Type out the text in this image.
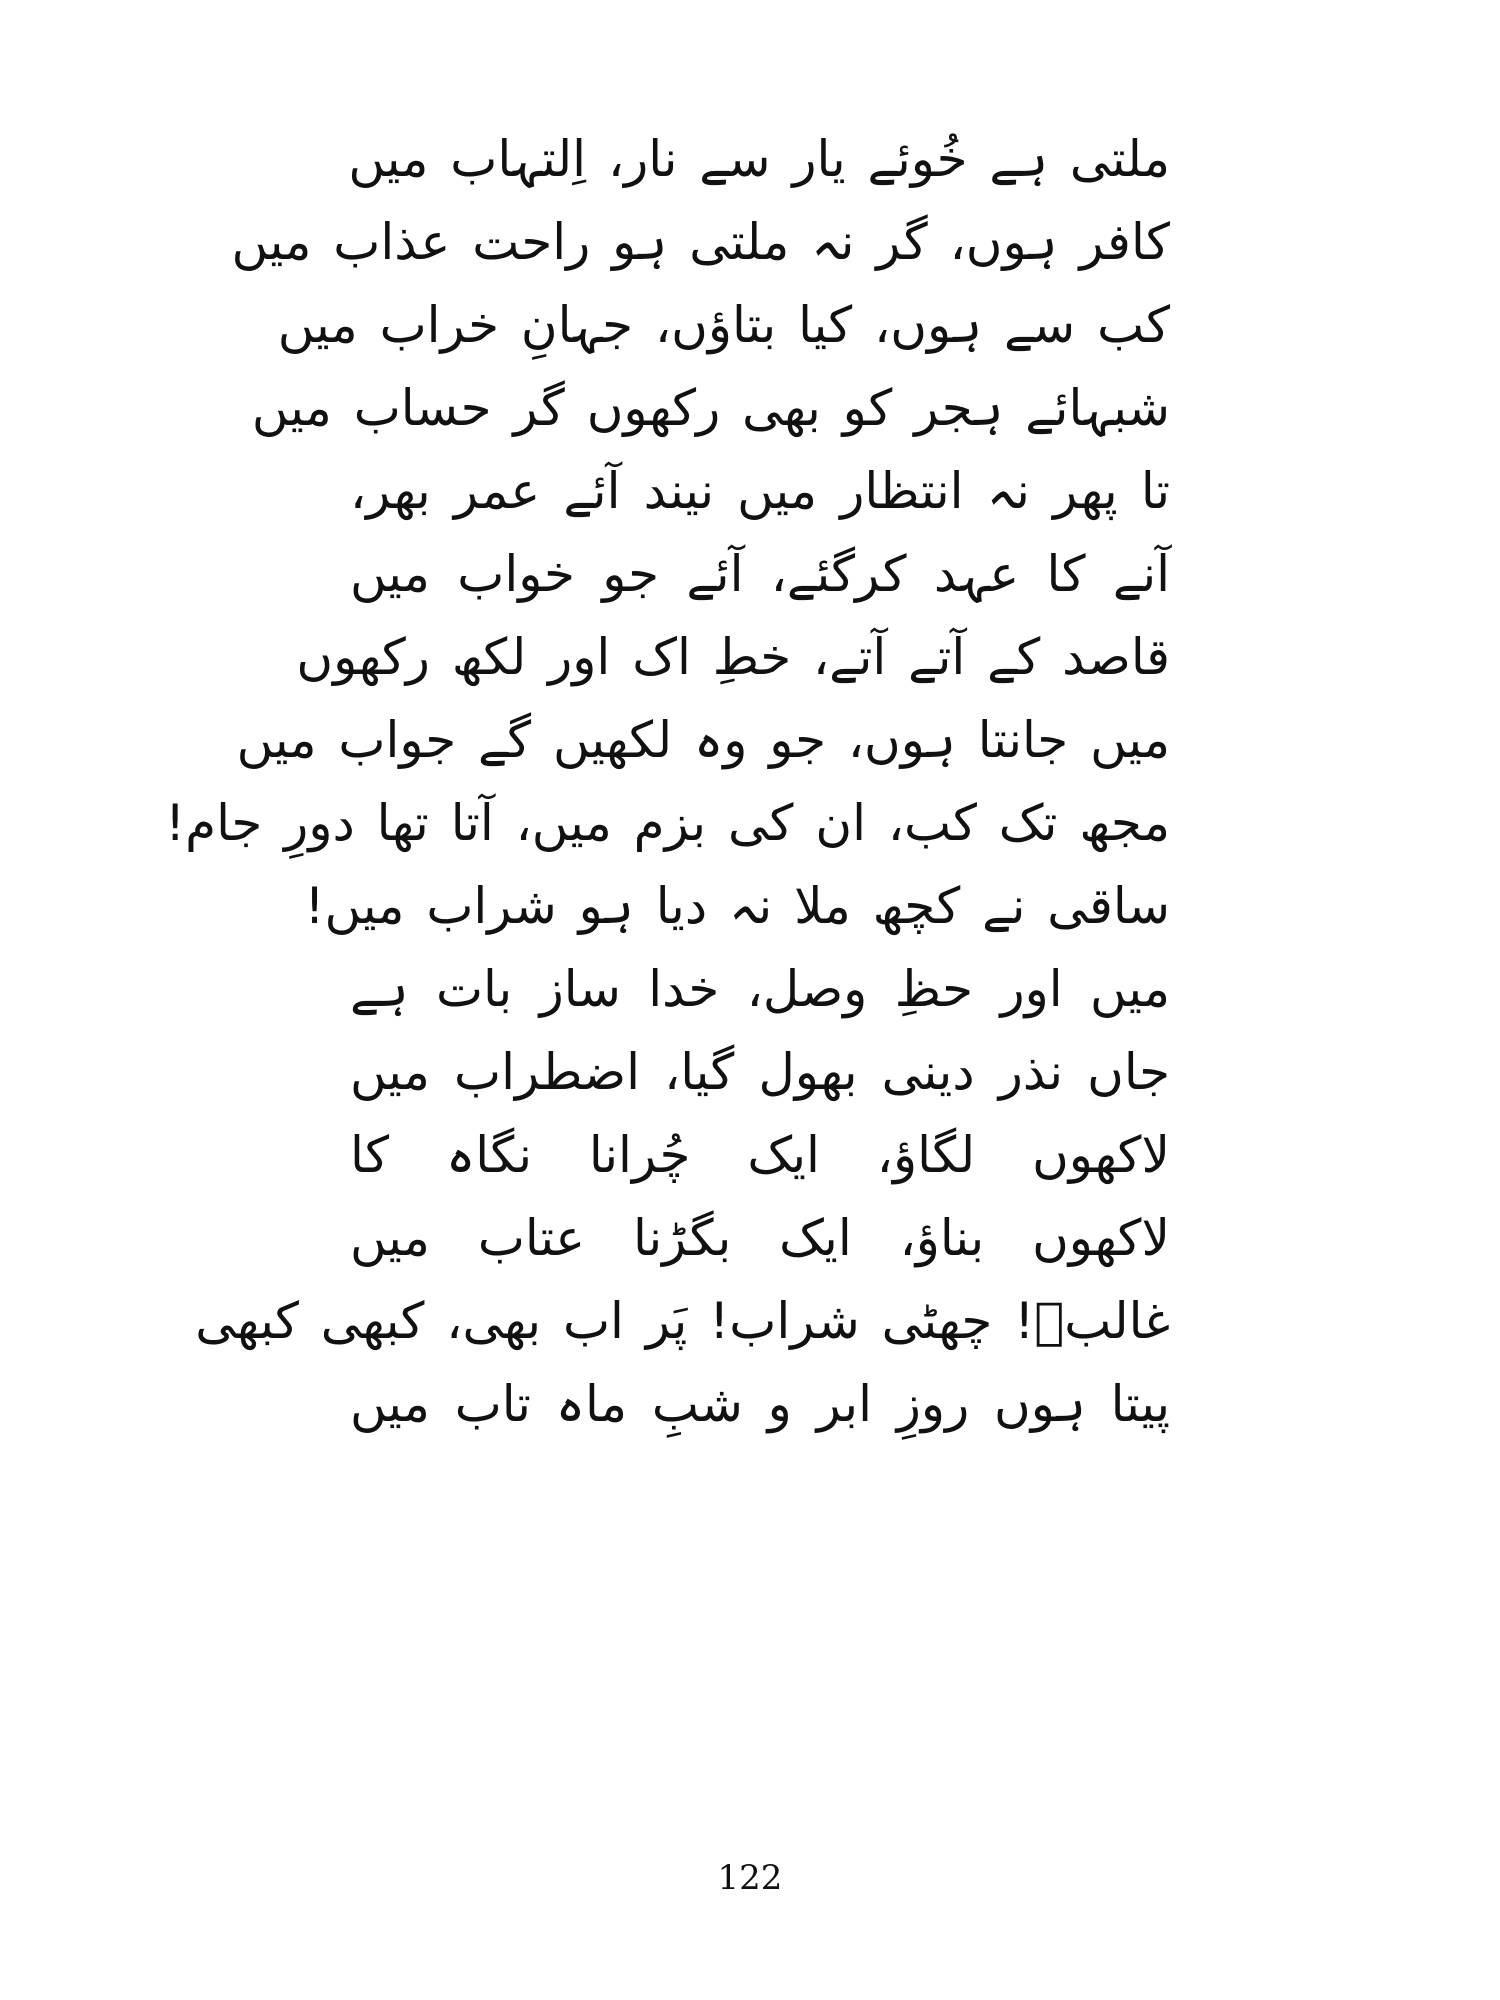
ملتی ہے خُوئے یار سے نار، اِلتہاب میں
کافر ہوں، گر نہ ملتی ہو راحت عذاب میں
کب سے ہوں، کیا بتاؤں، جہانِ خراب میں
شبہائے ہجر کو بھی رکھوں گر حساب میں
تا پھر نہ انتظار میں نیند آئے عمر بھر،
آنے کا عہد کرگئے، آئے جو خواب میں
قاصد کے آتے آتے، خطِ اک اور لکھ رکھوں
میں جانتا ہوں، جو وہ لکھیں گے جواب میں
مجھ تک کب، ان کی بزم میں، آتا تھا دورِ جام!
ساقی نے کچھ ملا نہ دیا ہو شراب میں!
میں اور حظِ وصل، خدا ساز بات ہے
جاں نذر دینی بھول گیا، اضطراب میں
لاکھوں لگاؤ، ایک چُرانا نگاہ کا
لاکھوں بناؤ، ایک بگڑنا عتاب میں
غالبؔ! چھٹی شراب! پَر اب بھی، کبھی کبھی
پیتا ہوں روزِ ابر و شبِ ماہ تاب میں
122
